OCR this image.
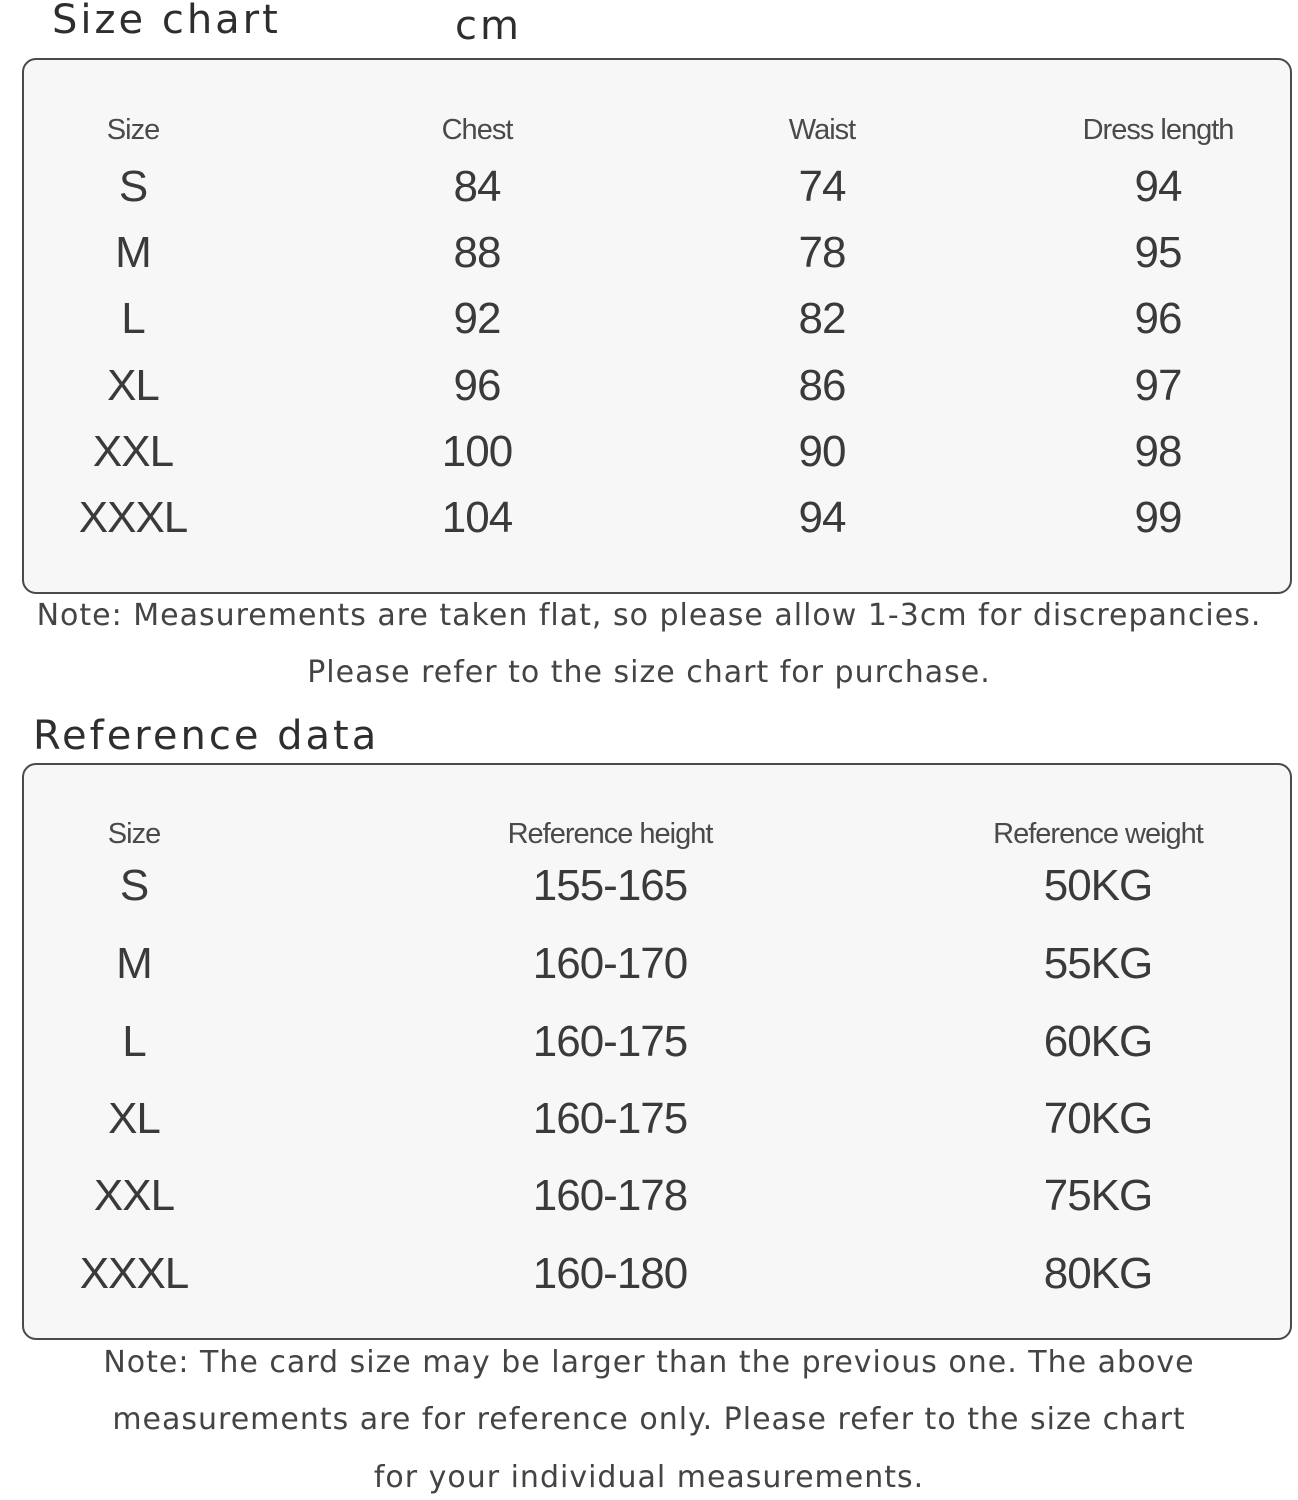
Size chart	cm
Size	Chest	Waist	Dress length
S	84	74	94
M	88	78	95
L	92	82	96
XL	96	86	97
XXL	100	90	98
XXXL	104	94	99
Note: Measurements are taken flat, so please allow 1-3cm for discrepancies.
Please refer to the size chart for purchase.
Reference data
Size	Reference height	Reference weight
S	155-165	50KG
M	160-170	55KG
L	160-175	60KG
XL	160-175	70KG
XXL	160-178	75KG
XXXL	160-180	80KG
Note: The card size may be larger than the previous one. The above
measurements are for reference only. Please refer to the size chart
for your individual measurements.
